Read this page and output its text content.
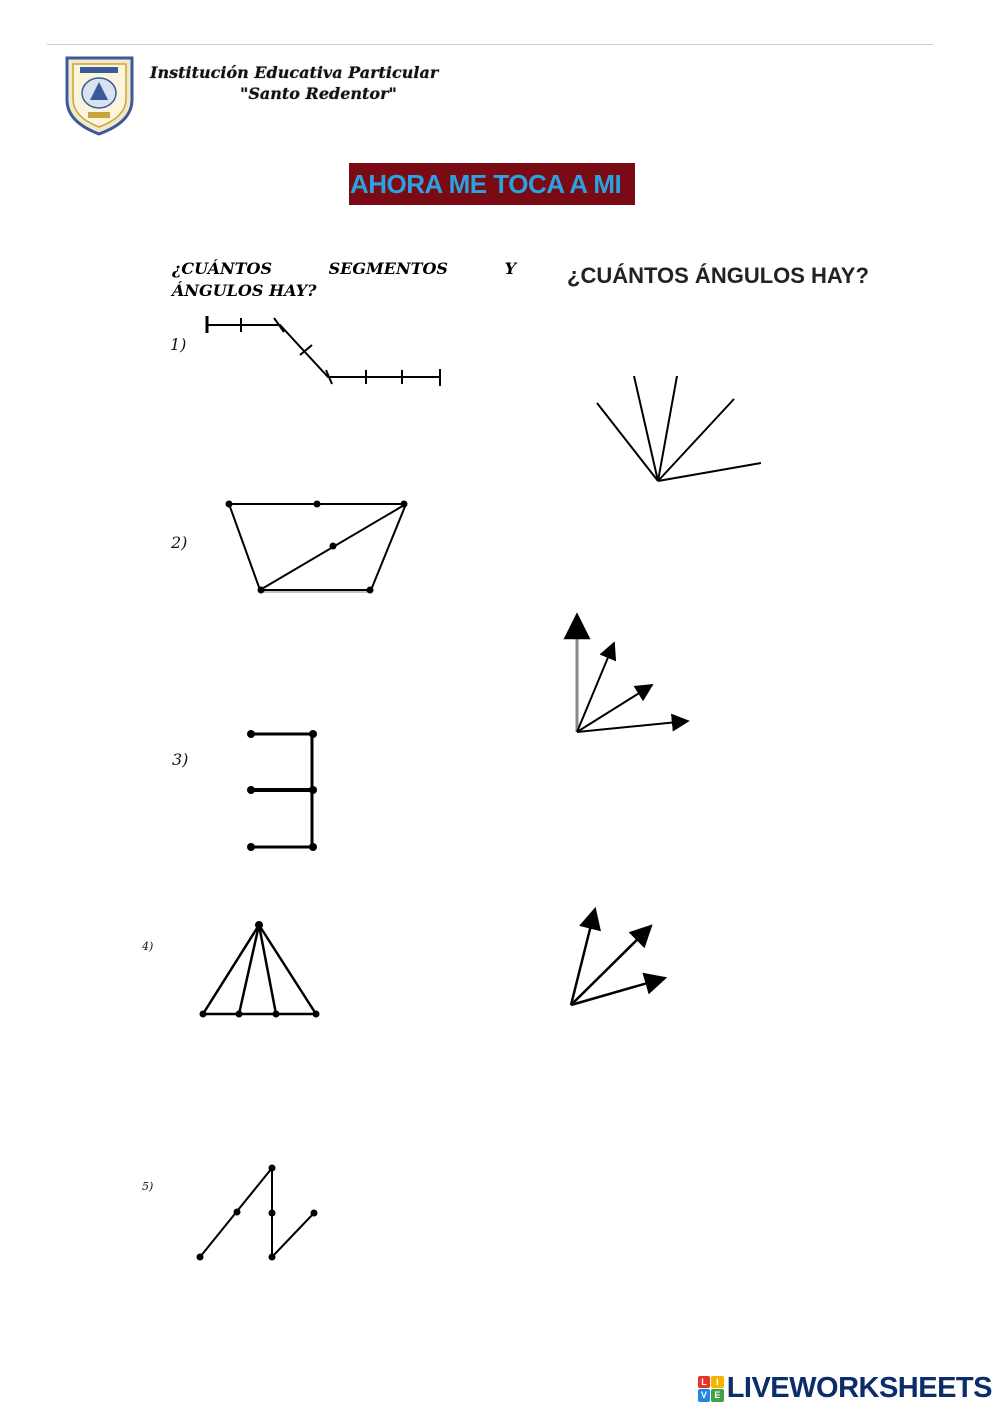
Institución Educativa Particular
"Santo Redentor"
AHORA ME TOCA A MI
¿CUÁNTOS	SEGMENTOS	Y
ÁNGULOS HAY?
¿CUÁNTOS ÁNGULOS HAY?
1)
2)
3)
4)
5)
L	I
V E LIVEWORKSHEETS
